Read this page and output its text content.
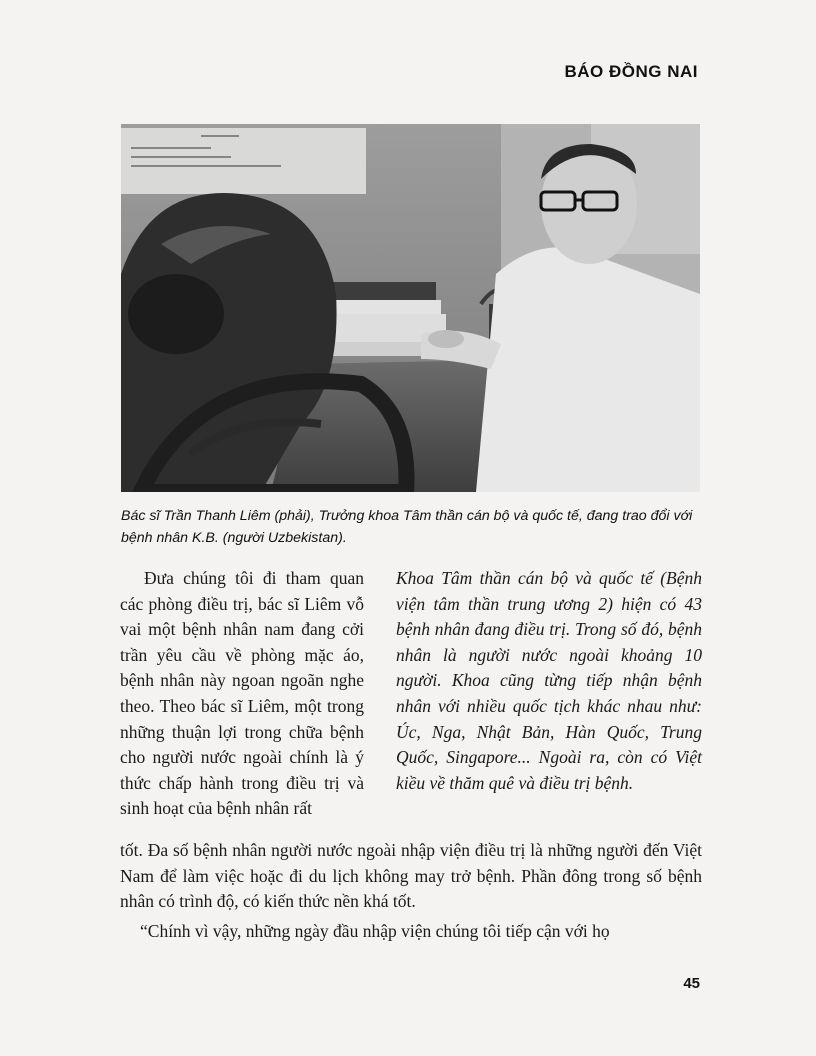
BÁO ĐỒNG NAI
Bác sĩ Trần Thanh Liêm (phải), Trưởng khoa Tâm thần cán bộ và quốc tế, đang trao đổi với bệnh nhân K.B. (người Uzbekistan).

Đưa chúng tôi đi tham quan các phòng điều trị, bác sĩ Liêm vỗ vai một bệnh nhân nam đang cởi trần yêu cầu về phòng mặc áo, bệnh nhân này ngoan ngoãn nghe theo. Theo bác sĩ Liêm, một trong những thuận lợi trong chữa bệnh cho người nước ngoài chính là ý thức chấp hành trong điều trị và sinh hoạt của bệnh nhân rất

Khoa Tâm thần cán bộ và quốc tế (Bệnh viện tâm thần trung ương 2) hiện có 43 bệnh nhân đang điều trị. Trong số đó, bệnh nhân là người nước ngoài khoảng 10 người. Khoa cũng từng tiếp nhận bệnh nhân với nhiều quốc tịch khác nhau như: Úc, Nga, Nhật Bản, Hàn Quốc, Trung Quốc, Singapore... Ngoài ra, còn có Việt kiều về thăm quê và điều trị bệnh.

tốt. Đa số bệnh nhân người nước ngoài nhập viện điều trị là những người đến Việt Nam để làm việc hoặc đi du lịch không may trở bệnh. Phần đông trong số bệnh nhân có trình độ, có kiến thức nền khá tốt.

“Chính vì vậy, những ngày đầu nhập viện chúng tôi tiếp cận với họ

45
